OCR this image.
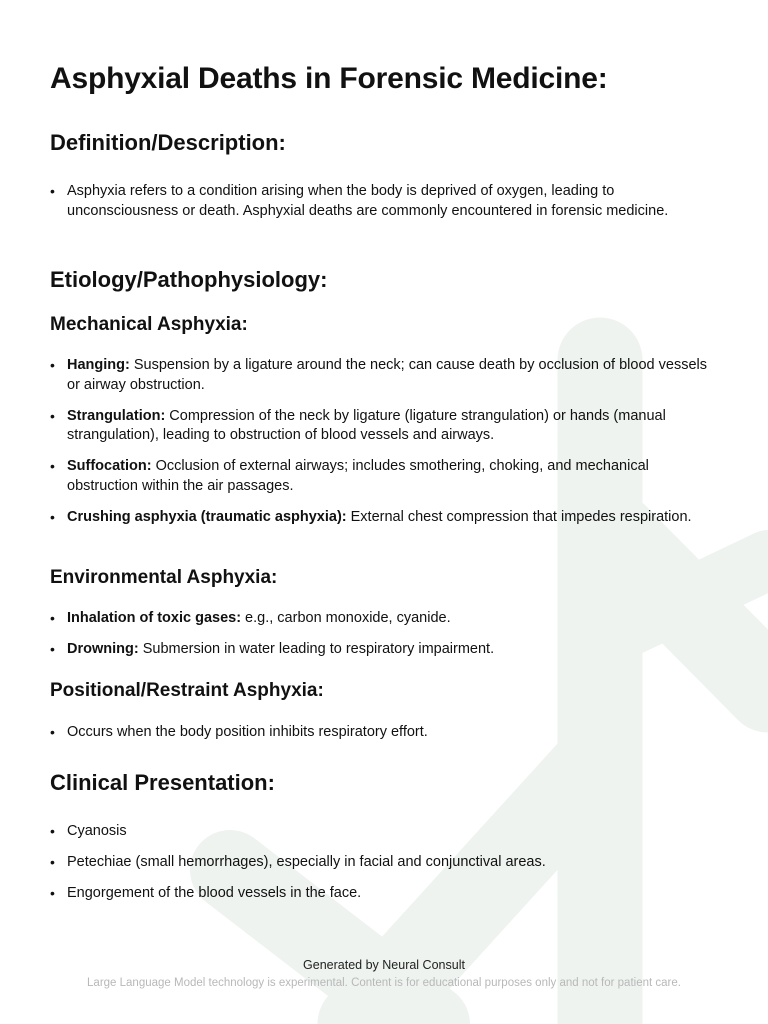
Asphyxial Deaths in Forensic Medicine:
Definition/Description:
• Asphyxia refers to a condition arising when the body is deprived of oxygen, leading to unconsciousness or death. Asphyxial deaths are commonly encountered in forensic medicine.
Etiology/Pathophysiology:
Mechanical Asphyxia:
• Hanging: Suspension by a ligature around the neck; can cause death by occlusion of blood vessels or airway obstruction.
• Strangulation: Compression of the neck by ligature (ligature strangulation) or hands (manual strangulation), leading to obstruction of blood vessels and airways.
• Suffocation: Occlusion of external airways; includes smothering, choking, and mechanical obstruction within the air passages.
• Crushing asphyxia (traumatic asphyxia): External chest compression that impedes respiration.
Environmental Asphyxia:
• Inhalation of toxic gases: e.g., carbon monoxide, cyanide.
• Drowning: Submersion in water leading to respiratory impairment.
Positional/Restraint Asphyxia:
• Occurs when the body position inhibits respiratory effort.
Clinical Presentation:
• Cyanosis
• Petechiae (small hemorrhages), especially in facial and conjunctival areas.
• Engorgement of the blood vessels in the face.
Generated by Neural Consult
Large Language Model technology is experimental. Content is for educational purposes only and not for patient care.
